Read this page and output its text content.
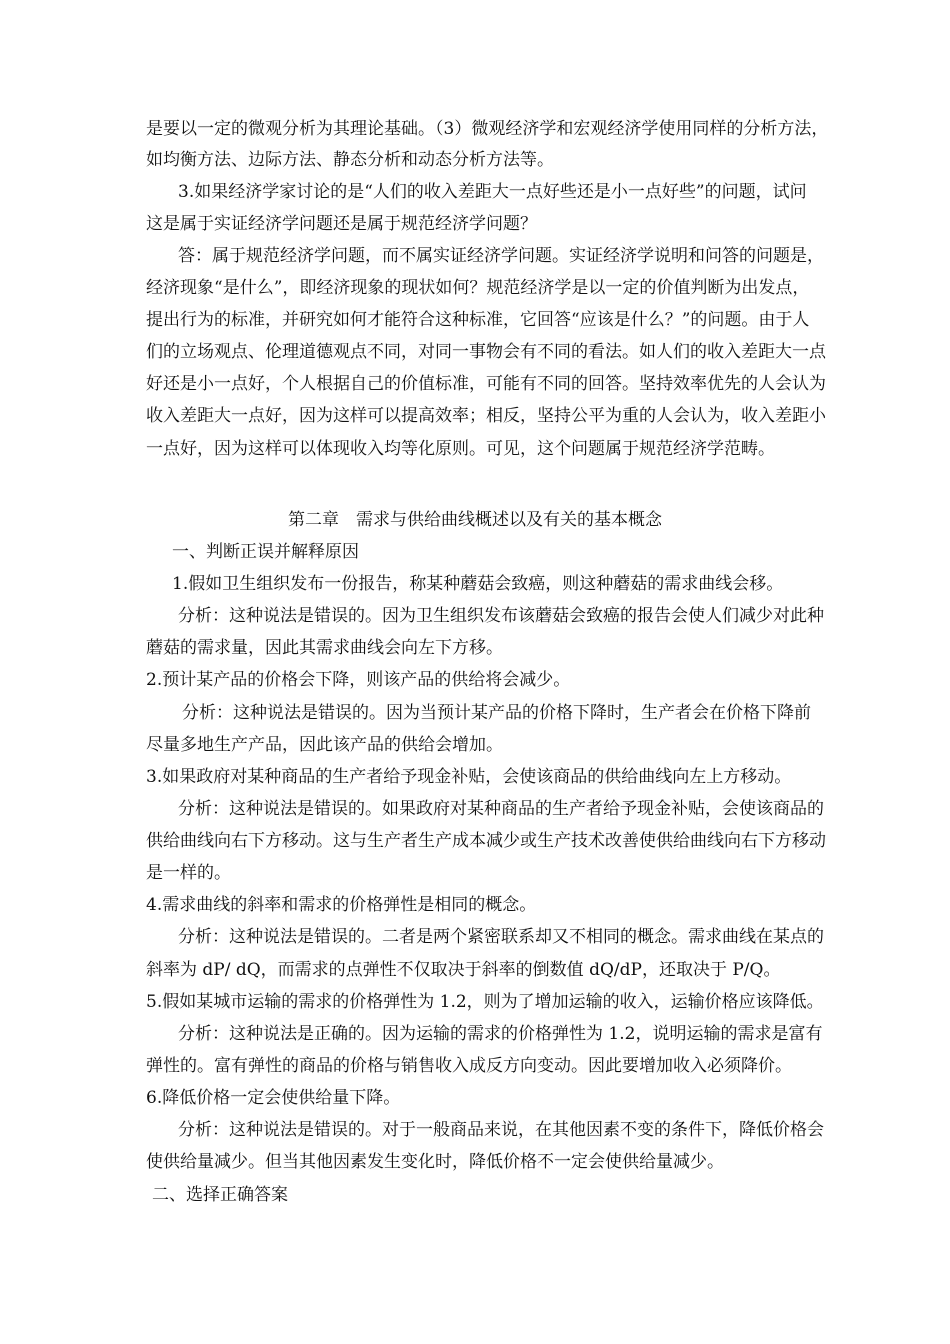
是要以一定的微观分析为其理论基础。（3）微观经济学和宏观经济学使用同样的分析方法，
如均衡方法、边际方法、静态分析和动态分析方法等。
3.如果经济学家讨论的是“人们的收入差距大一点好些还是小一点好些”的问题，试问
这是属于实证经济学问题还是属于规范经济学问题？
答：属于规范经济学问题，而不属实证经济学问题。实证经济学说明和问答的问题是，
经济现象“是什么”，即经济现象的现状如何？规范经济学是以一定的价值判断为出发点，
提出行为的标准，并研究如何才能符合这种标准，它回答“应该是什么？”的问题。由于人
们的立场观点、伦理道德观点不同，对同一事物会有不同的看法。如人们的收入差距大一点
好还是小一点好，个人根据自己的价值标准，可能有不同的回答。坚持效率优先的人会认为
收入差距大一点好，因为这样可以提高效率；相反，坚持公平为重的人会认为，收入差距小
一点好，因为这样可以体现收入均等化原则。可见，这个问题属于规范经济学范畴。
第二章　需求与供给曲线概述以及有关的基本概念
一、判断正误并解释原因
1.假如卫生组织发布一份报告，称某种蘑菇会致癌，则这种蘑菇的需求曲线会移。
分析：这种说法是错误的。因为卫生组织发布该蘑菇会致癌的报告会使人们减少对此种
蘑菇的需求量，因此其需求曲线会向左下方移。
2.预计某产品的价格会下降，则该产品的供给将会减少。
分析：这种说法是错误的。因为当预计某产品的价格下降时，生产者会在价格下降前
尽量多地生产产品，因此该产品的供给会增加。
3.如果政府对某种商品的生产者给予现金补贴，会使该商品的供给曲线向左上方移动。
分析：这种说法是错误的。如果政府对某种商品的生产者给予现金补贴，会使该商品的
供给曲线向右下方移动。这与生产者生产成本减少或生产技术改善使供给曲线向右下方移动
是一样的。
4.需求曲线的斜率和需求的价格弹性是相同的概念。
分析：这种说法是错误的。二者是两个紧密联系却又不相同的概念。需求曲线在某点的
斜率为 dP/ dQ，而需求的点弹性不仅取决于斜率的倒数值 dQ/dP，还取决于 P/Q。
5.假如某城市运输的需求的价格弹性为 1.2，则为了增加运输的收入，运输价格应该降低。
分析：这种说法是正确的。因为运输的需求的价格弹性为 1.2，说明运输的需求是富有
弹性的。富有弹性的商品的价格与销售收入成反方向变动。因此要增加收入必须降价。
6.降低价格一定会使供给量下降。
分析：这种说法是错误的。对于一般商品来说，在其他因素不变的条件下，降低价格会
使供给量减少。但当其他因素发生变化时，降低价格不一定会使供给量减少。
二、选择正确答案
